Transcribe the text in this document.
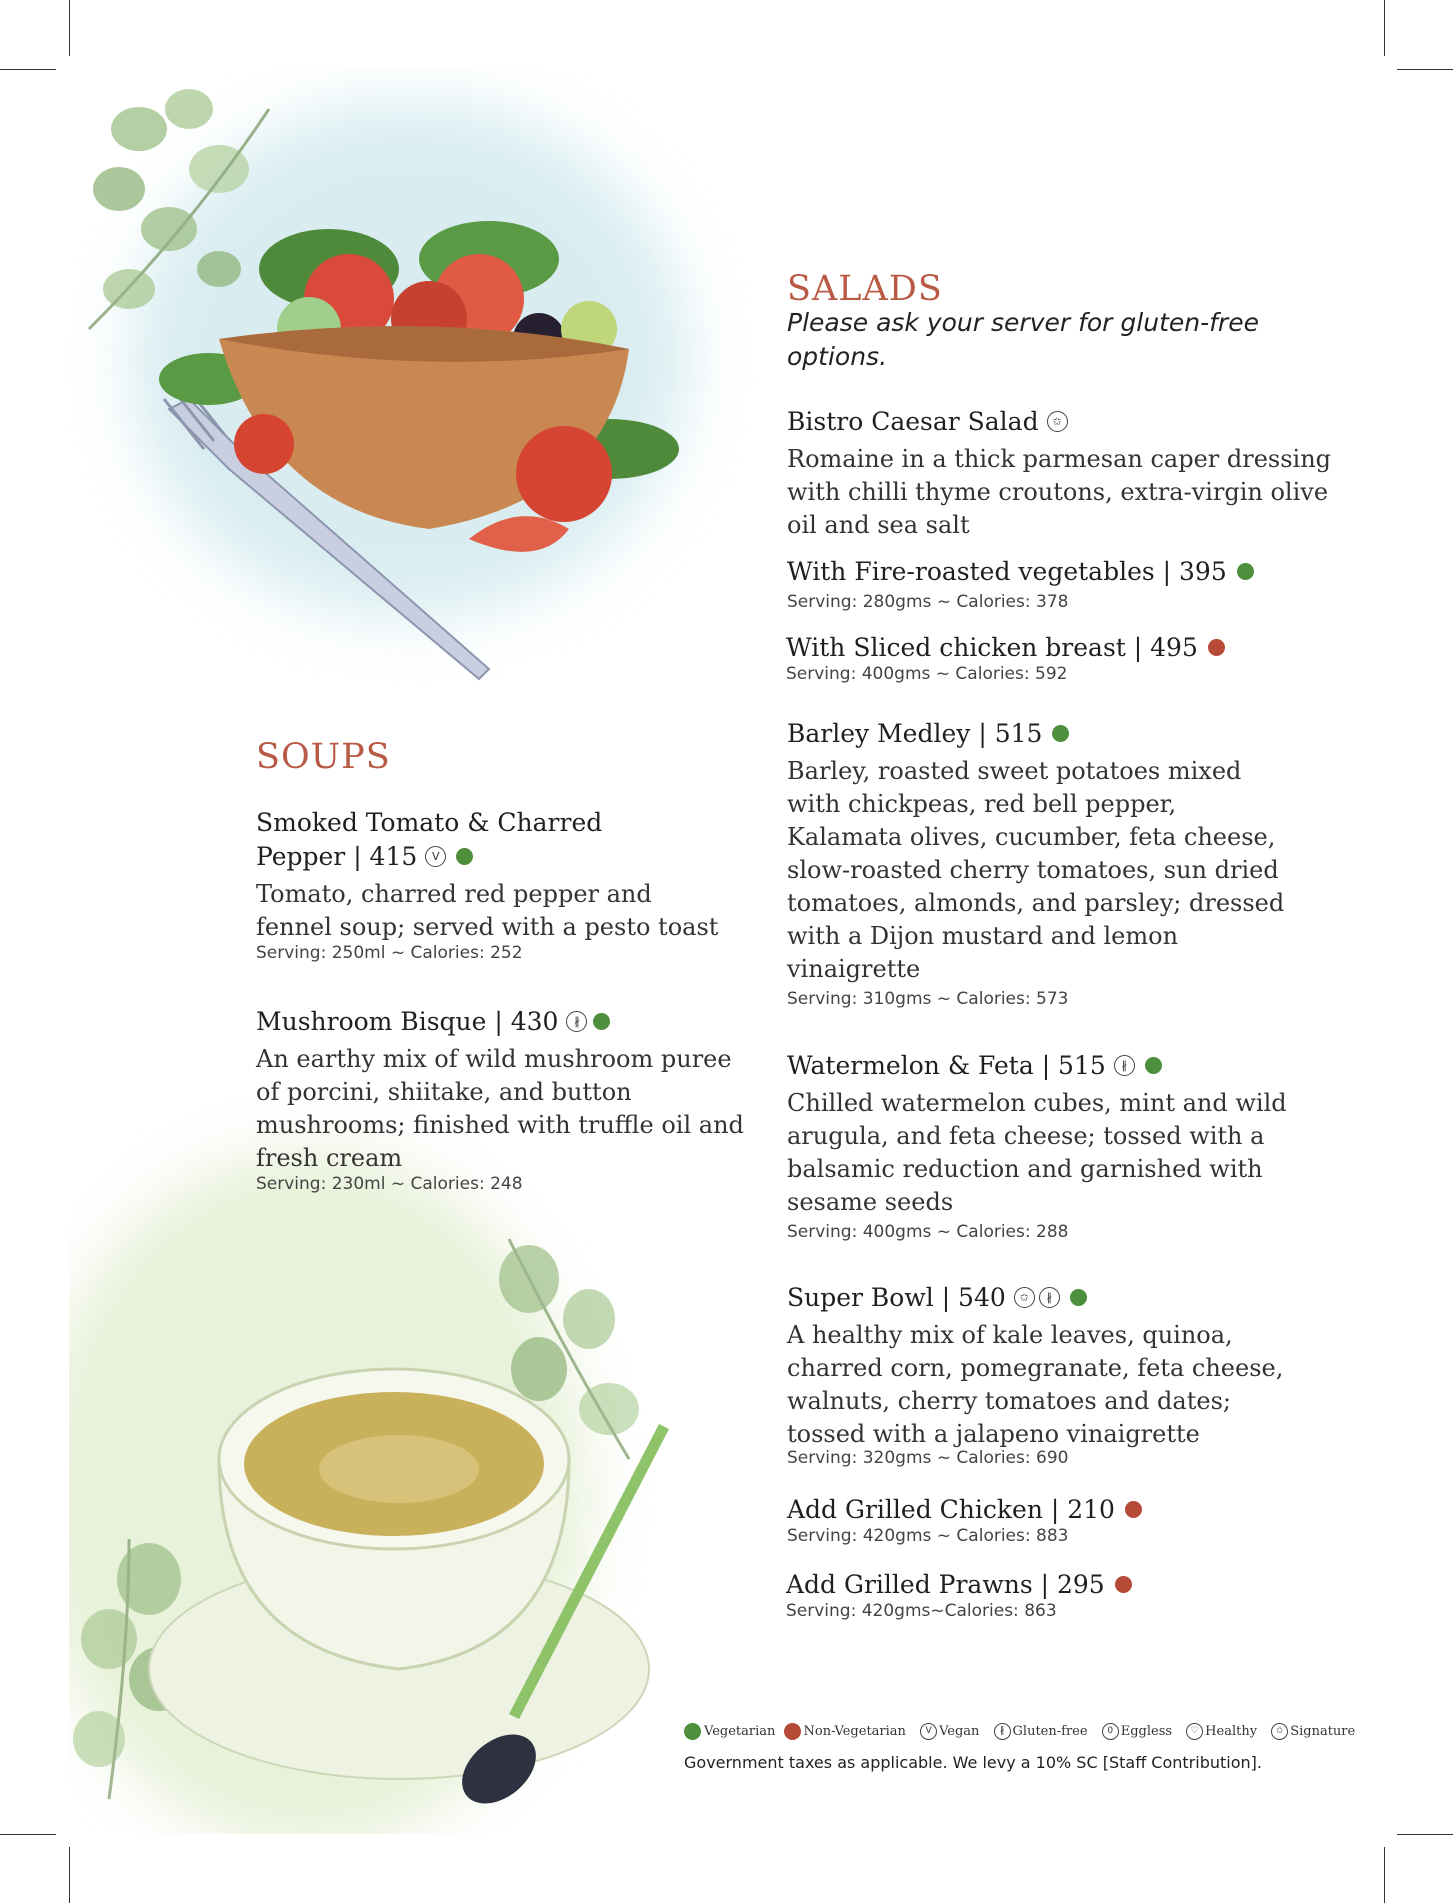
SALADS

Please ask your server for gluten-free options.

Bistro Caesar Salad ✩

Romaine in a thick parmesan caper dressing with chilli thyme croutons, extra-virgin olive oil and sea salt

With Fire-roasted vegetables | 395

Serving: 280gms ~ Calories: 378

With Sliced chicken breast | 495

Serving: 400gms ~ Calories: 592

Barley Medley | 515

Barley, roasted sweet potatoes mixed with chickpeas, red bell pepper, Kalamata olives, cucumber, feta cheese, slow-roasted cherry tomatoes, sun dried tomatoes, almonds, and parsley; dressed with a Dijon mustard and lemon vinaigrette

Serving: 310gms ~ Calories: 573

Watermelon & Feta | 515 ∦

Chilled watermelon cubes, mint and wild arugula, and feta cheese; tossed with a balsamic reduction and garnished with sesame seeds

Serving: 400gms ~ Calories: 288

Super Bowl | 540 ✩ ∦

A healthy mix of kale leaves, quinoa, charred corn, pomegranate, feta cheese, walnuts, cherry tomatoes and dates; tossed with a jalapeno vinaigrette

Serving: 320gms ~ Calories: 690

Add Grilled Chicken | 210

Serving: 420gms ~ Calories: 883

Add Grilled Prawns | 295

Serving: 420gms~Calories: 863

SOUPS

Smoked Tomato & Charred

Pepper | 415 V

Tomato, charred red pepper and fennel soup; served with a pesto toast

Serving: 250ml ~ Calories: 252

Mushroom Bisque | 430 ∦

An earthy mix of wild mushroom puree of porcini, shiitake, and button mushrooms; finished with truffle oil and fresh cream

Serving: 230ml ~ Calories: 248

Vegetarian Non-Vegetarian V Vegan ∦ Gluten-free 0 Eggless ♡ Healthy ✩ Signature

Government taxes as applicable. We levy a 10% SC [Staff Contribution].
